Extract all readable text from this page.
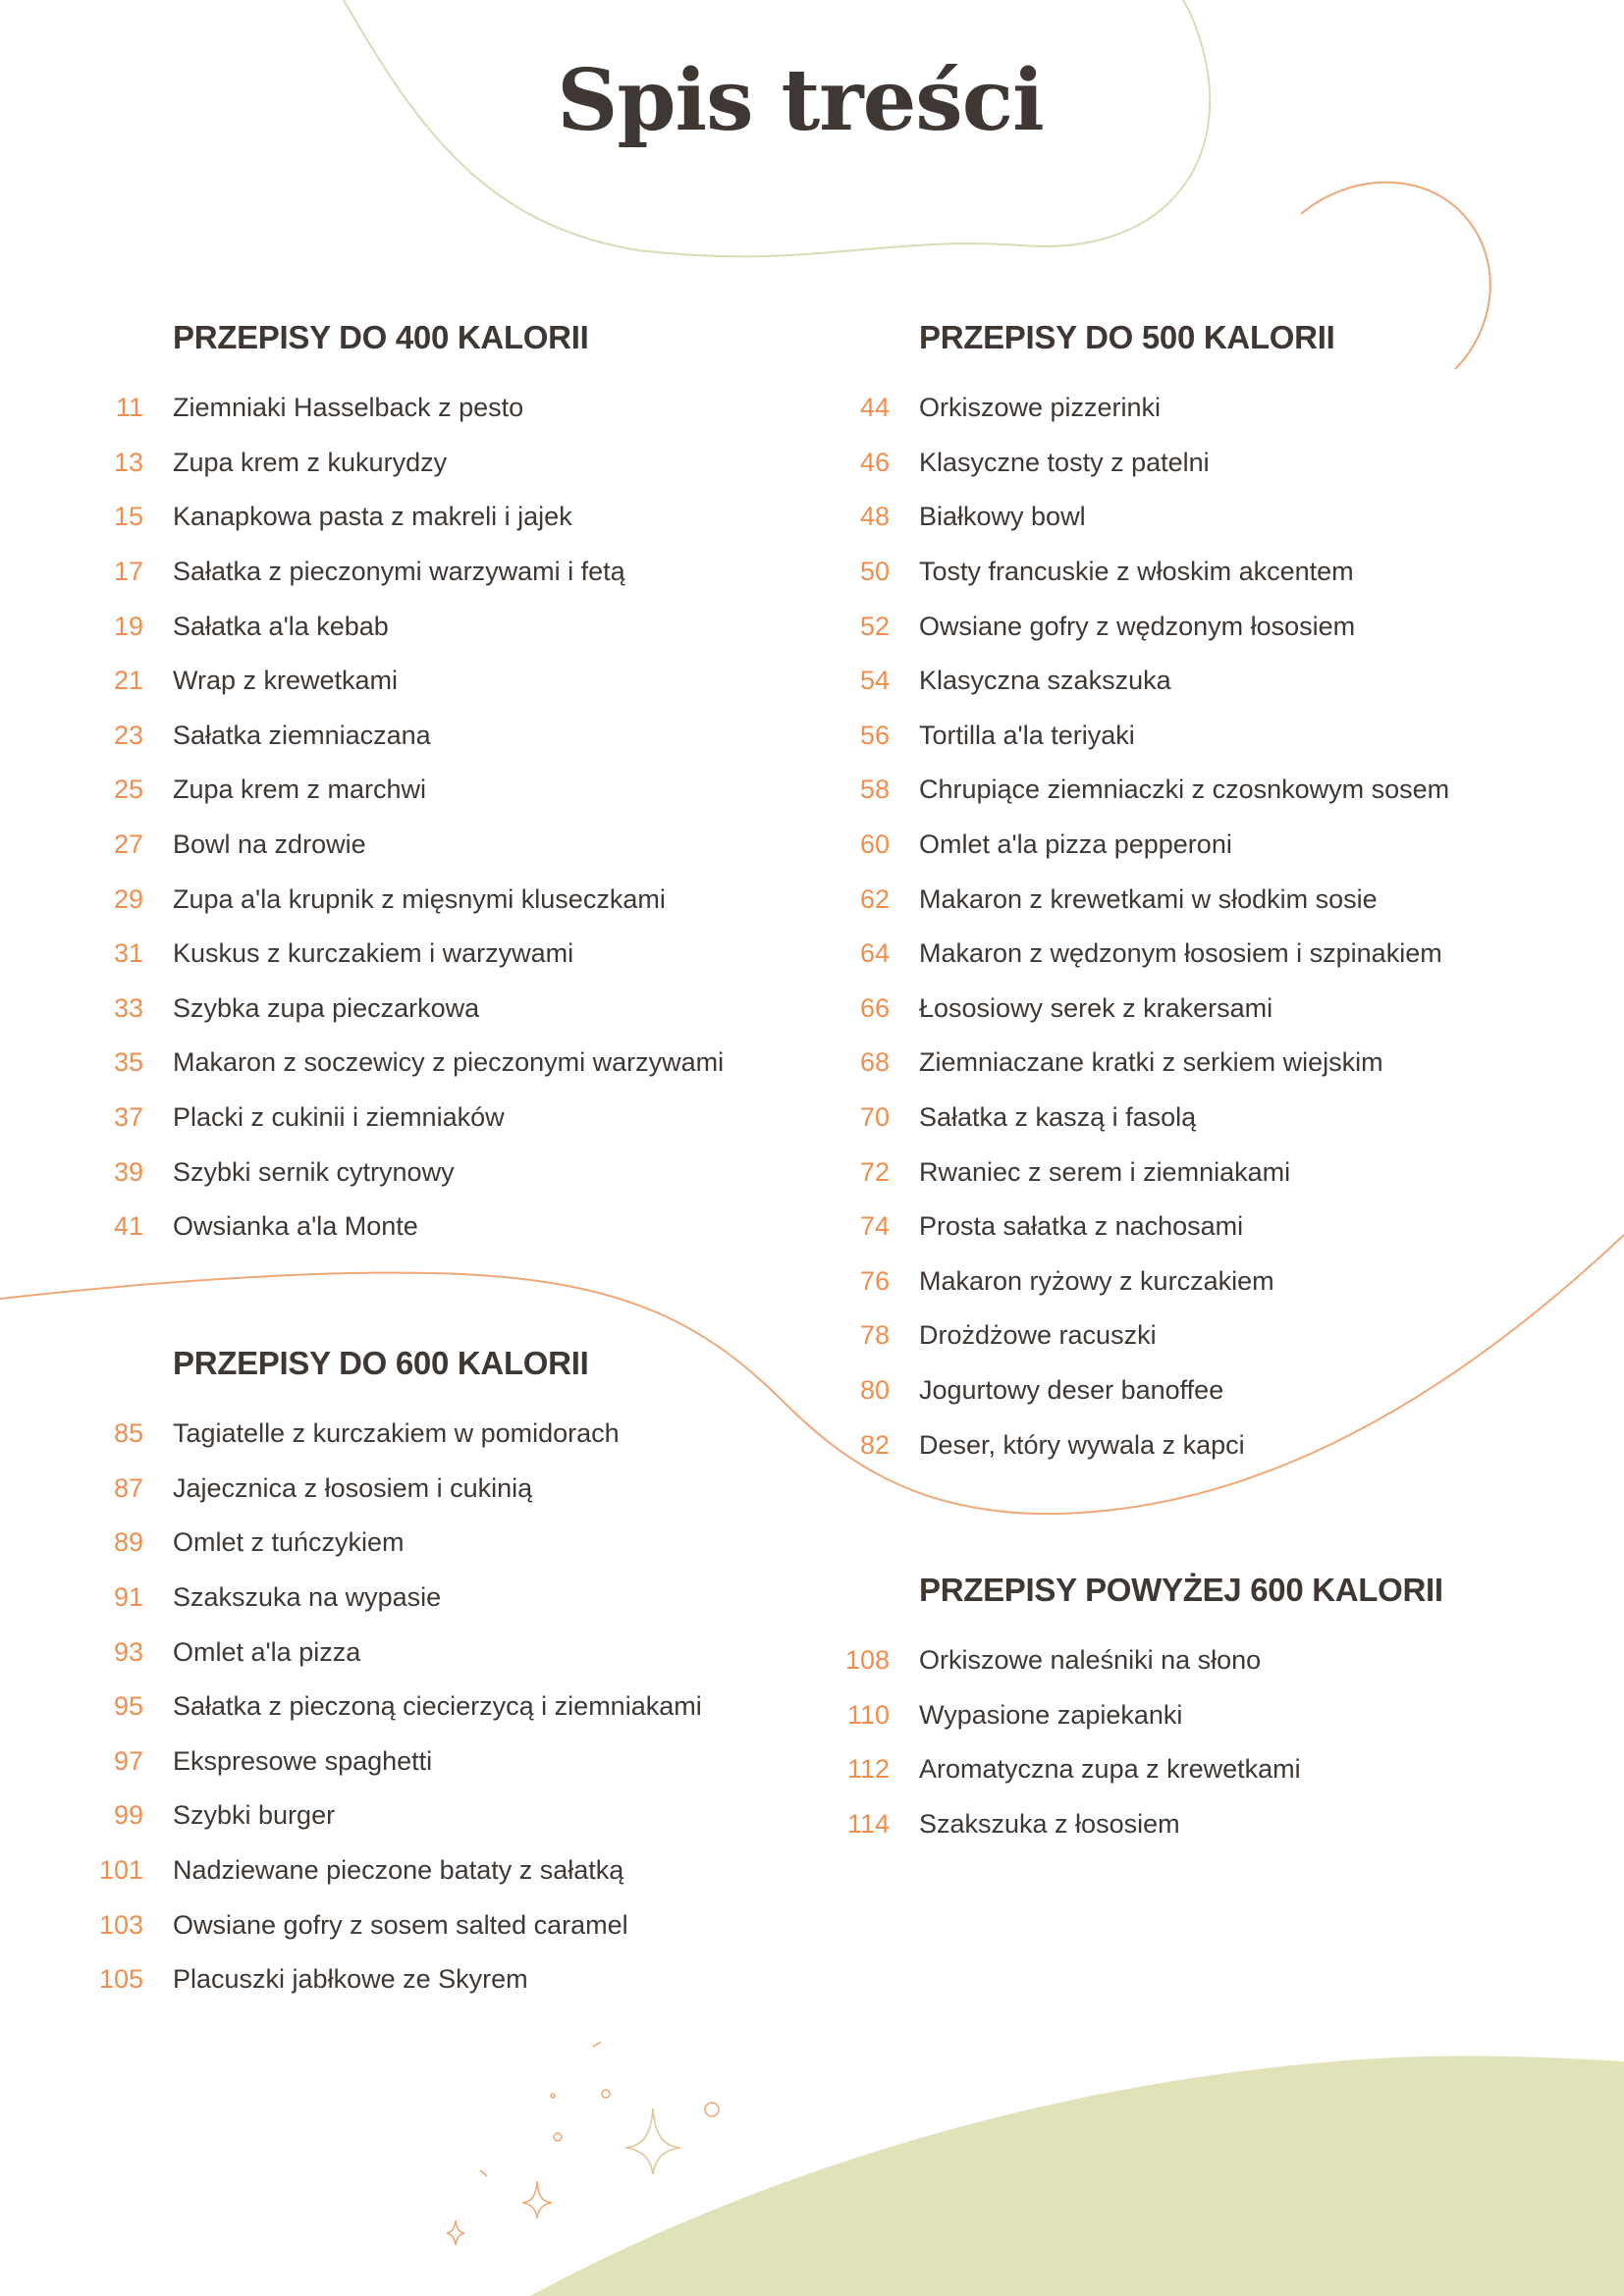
Spis treści
PRZEPISY DO 400 KALORII
11 Ziemniaki Hasselback z pesto
13 Zupa krem z kukurydzy
15 Kanapkowa pasta z makreli i jajek
17 Sałatka z pieczonymi warzywami i fetą
19 Sałatka a'la kebab
21 Wrap z krewetkami
23 Sałatka ziemniaczana
25 Zupa krem z marchwi
27 Bowl na zdrowie
29 Zupa a'la krupnik z mięsnymi kluseczkami
31 Kuskus z kurczakiem i warzywami
33 Szybka zupa pieczarkowa
35 Makaron z soczewicy z pieczonymi warzywami
37 Placki z cukinii i ziemniaków
39 Szybki sernik cytrynowy
41 Owsianka a'la Monte
PRZEPISY DO 500 KALORII
44 Orkiszowe pizzerinki
46 Klasyczne tosty z patelni
48 Białkowy bowl
50 Tosty francuskie z włoskim akcentem
52 Owsiane gofry z wędzonym łososiem
54 Klasyczna szakszuka
56 Tortilla a'la teriyaki
58 Chrupiące ziemniaczki z czosnkowym sosem
60 Omlet a'la pizza pepperoni
62 Makaron z krewetkami w słodkim sosie
64 Makaron z wędzonym łososiem i szpinakiem
66 Łososiowy serek z krakersami
68 Ziemniaczane kratki z serkiem wiejskim
70 Sałatka z kaszą i fasolą
72 Rwaniec z serem i ziemniakami
74 Prosta sałatka z nachosami
76 Makaron ryżowy z kurczakiem
78 Drożdżowe racuszki
80 Jogurtowy deser banoffee
82 Deser, który wywala z kapci
PRZEPISY DO 600 KALORII
85 Tagiatelle z kurczakiem w pomidorach
87 Jajecznica z łososiem i cukinią
89 Omlet z tuńczykiem
91 Szakszuka na wypasie
93 Omlet a'la pizza
95 Sałatka z pieczoną ciecierzycą i ziemniakami
97 Ekspresowe spaghetti
99 Szybki burger
101 Nadziewane pieczone bataty z sałatką
103 Owsiane gofry z sosem salted caramel
105 Placuszki jabłkowe ze Skyrem
PRZEPISY POWYŻEJ 600 KALORII
108 Orkiszowe naleśniki na słono
110 Wypasione zapiekanki
112 Aromatyczna zupa z krewetkami
114 Szakszuka z łososiem
